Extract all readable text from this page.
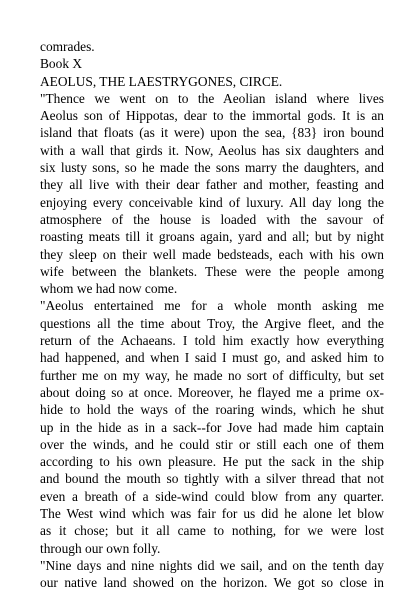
comrades.
Book X
AEOLUS, THE LAESTRYGONES, CIRCE.
"Thence we went on to the Aeolian island where lives
Aeolus son of Hippotas, dear to the immortal gods. It is an
island that floats (as it were) upon the sea, {83} iron bound
with a wall that girds it. Now, Aeolus has six daughters and
six lusty sons, so he made the sons marry the daughters, and
they all live with their dear father and mother, feasting and
enjoying every conceivable kind of luxury. All day long the
atmosphere of the house is loaded with the savour of
roasting meats till it groans again, yard and all; but by night
they sleep on their well made bedsteads, each with his own
wife between the blankets. These were the people among
whom we had now come.
"Aeolus entertained me for a whole month asking me
questions all the time about Troy, the Argive fleet, and the
return of the Achaeans. I told him exactly how everything
had happened, and when I said I must go, and asked him to
further me on my way, he made no sort of difficulty, but set
about doing so at once. Moreover, he flayed me a prime ox-
hide to hold the ways of the roaring winds, which he shut
up in the hide as in a sack--for Jove had made him captain
over the winds, and he could stir or still each one of them
according to his own pleasure. He put the sack in the ship
and bound the mouth so tightly with a silver thread that not
even a breath of a side-wind could blow from any quarter.
The West wind which was fair for us did he alone let blow
as it chose; but it all came to nothing, for we were lost
through our own folly.
"Nine days and nine nights did we sail, and on the tenth day
our native land showed on the horizon. We got so close in
